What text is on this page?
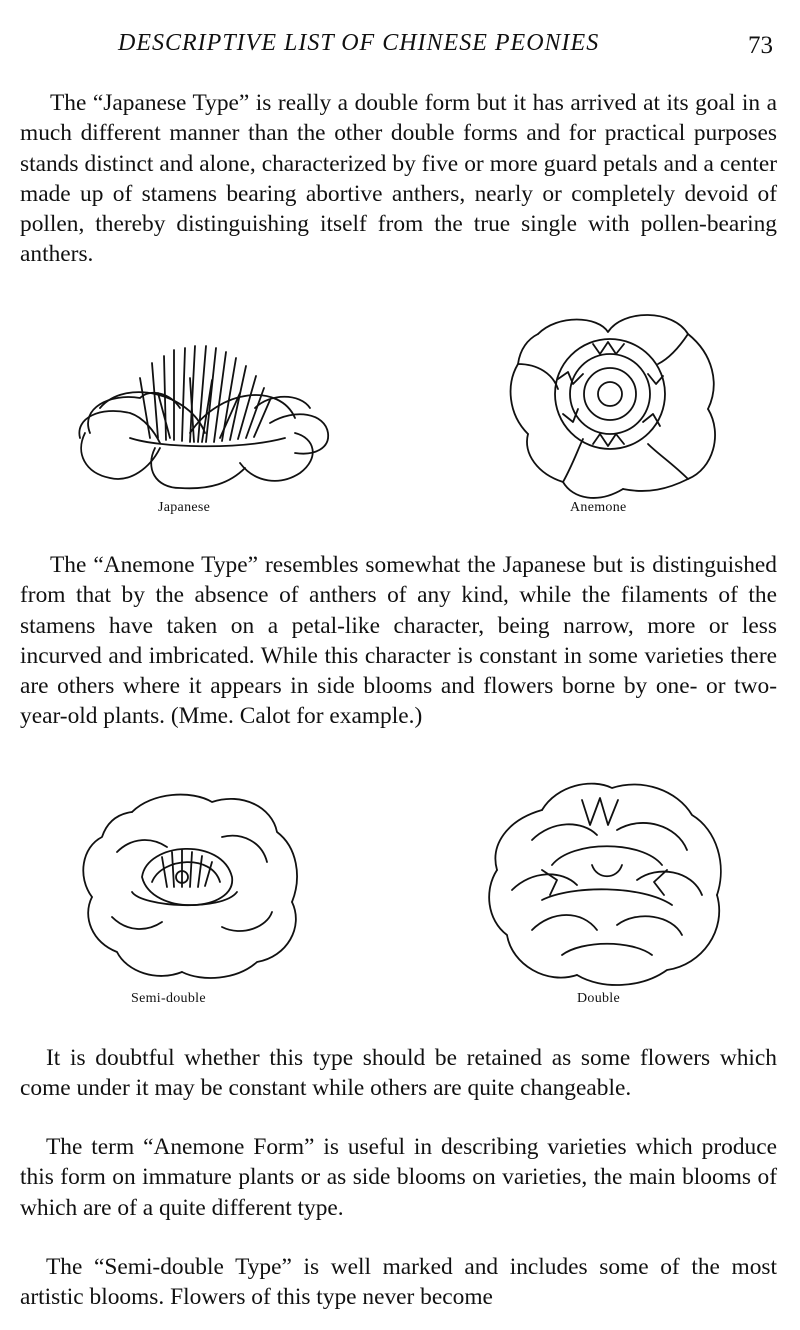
DESCRIPTIVE LIST OF CHINESE PEONIES	73

The “Japanese Type” is really a double form but it has arrived at its goal in a much different manner than the other double forms and for practical purposes stands distinct and alone, characterized by five or more guard petals and a center made up of stamens bearing abortive anthers, nearly or completely devoid of pollen, thereby distinguishing itself from the true single with pollen-bearing anthers.

Japanese	Anemone

The “Anemone Type” resembles somewhat the Japanese but is distinguished from that by the absence of anthers of any kind, while the filaments of the stamens have taken on a petal-like character, being narrow, more or less incurved and imbricated. While this character is constant in some varieties there are others where it appears in side blooms and flowers borne by one- or two-year-old plants. (Mme. Calot for example.)

Semi-double	Double

It is doubtful whether this type should be retained as some flowers which come under it may be constant while others are quite changeable.

The term “Anemone Form” is useful in describing varieties which produce this form on immature plants or as side blooms on varieties, the main blooms of which are of a quite different type.

The “Semi-double Type” is well marked and includes some of the most artistic blooms. Flowers of this type never become
